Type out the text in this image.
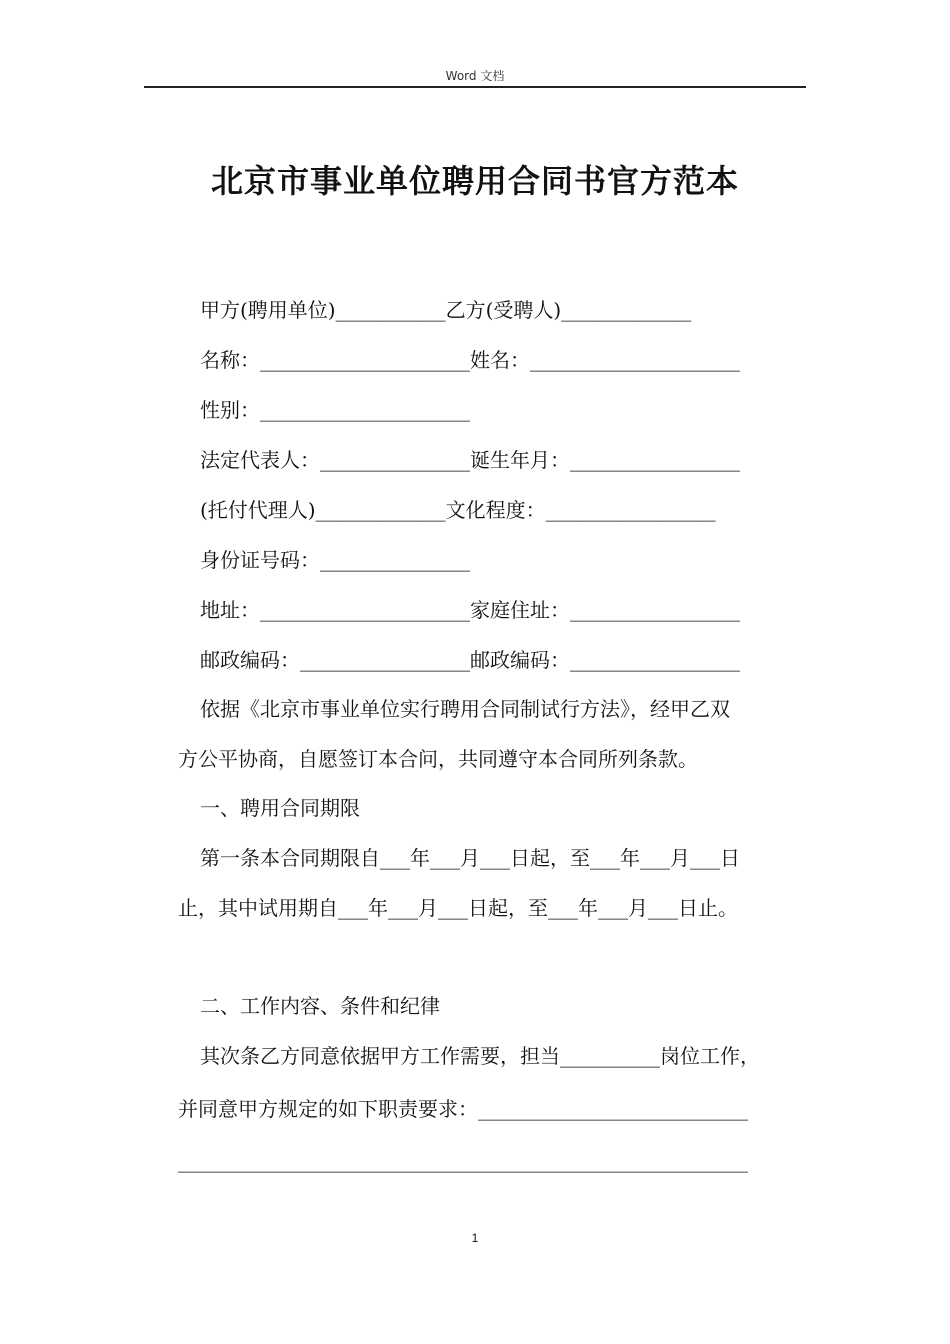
Word 文档
北京市事业单位聘用合同书官方范本
甲方(聘用单位)___________乙方(受聘人)_____________
名称：_____________________姓名：_____________________
性别：_____________________
法定代表人：_______________诞生年月：_________________
(托付代理人)_____________文化程度：_________________
身份证号码：_______________
地址：_____________________家庭住址：_________________
邮政编码：_________________邮政编码：_________________
依据《北京市事业单位实行聘用合同制试行方法》，经甲乙双
方公平协商，自愿签订本合问，共同遵守本合同所列条款。
一、聘用合同期限
第一条本合同期限自___年___月___日起，至___年___月___日
止，其中试用期自___年___月___日起，至___年___月___日止。
二、工作内容、条件和纪律
其次条乙方同意依据甲方工作需要，担当__________岗位工作，
并同意甲方规定的如下职责要求：___________________________
_________________________________________________________
1
